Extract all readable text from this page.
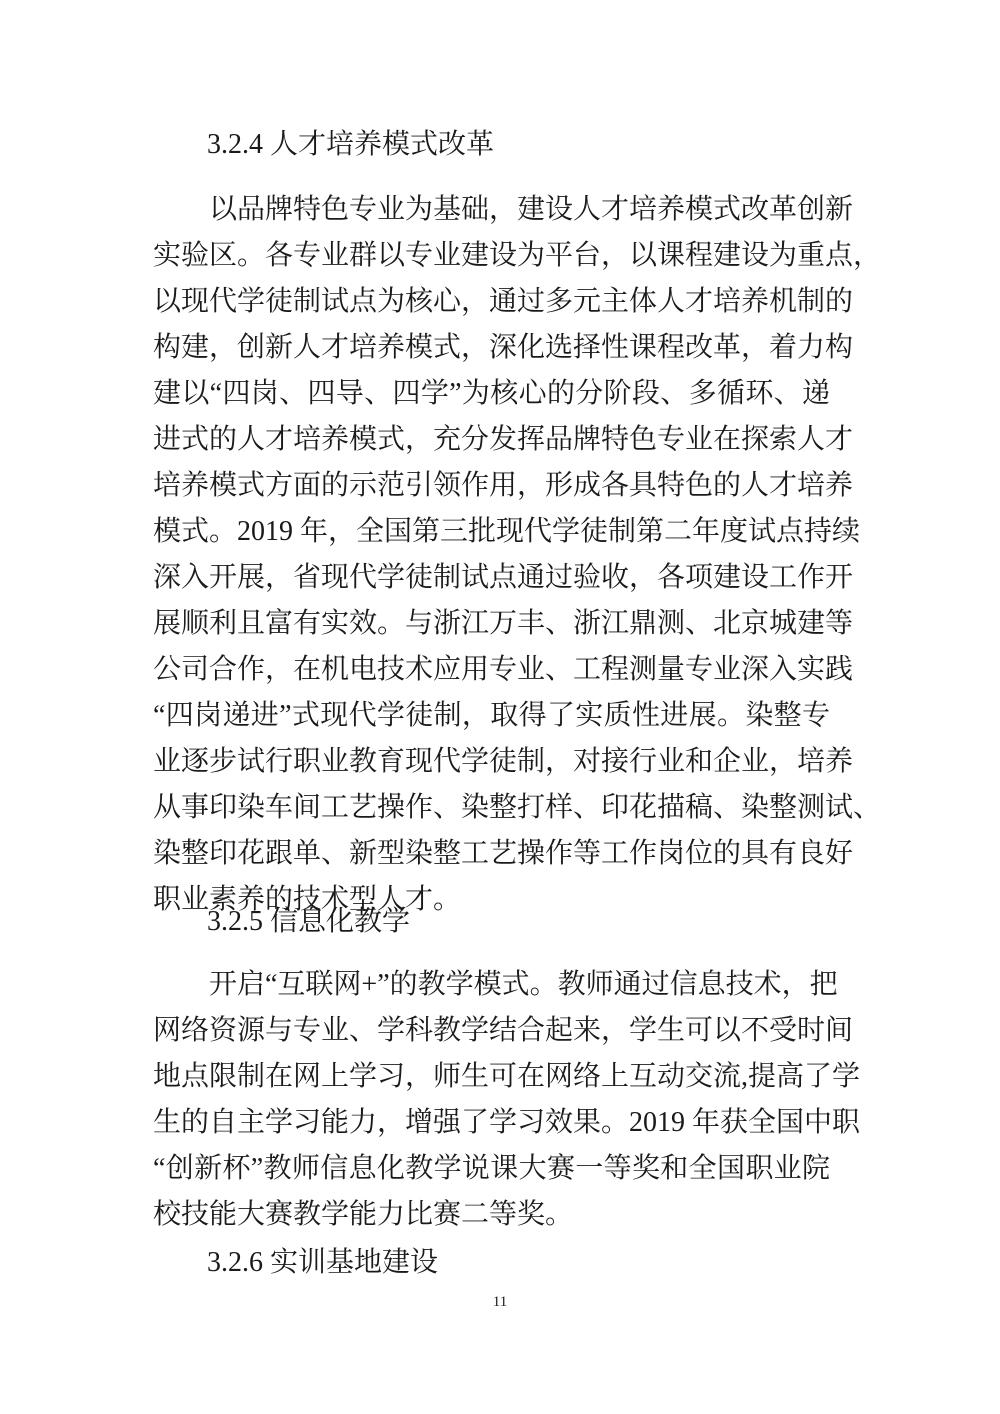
3.2.4 人才培养模式改革
　　以品牌特色专业为基础，建设人才培养模式改革创新
实验区。各专业群以专业建设为平台，以课程建设为重点，
以现代学徒制试点为核心，通过多元主体人才培养机制的
构建，创新人才培养模式，深化选择性课程改革，着力构
建以“四岗、四导、四学”为核心的分阶段、多循环、递
进式的人才培养模式，充分发挥品牌特色专业在探索人才
培养模式方面的示范引领作用，形成各具特色的人才培养
模式。2019 年，全国第三批现代学徒制第二年度试点持续
深入开展，省现代学徒制试点通过验收，各项建设工作开
展顺利且富有实效。与浙江万丰、浙江鼎测、北京城建等
公司合作，在机电技术应用专业、工程测量专业深入实践
“四岗递进”式现代学徒制，取得了实质性进展。染整专
业逐步试行职业教育现代学徒制，对接行业和企业，培养
从事印染车间工艺操作、染整打样、印花描稿、染整测试、
染整印花跟单、新型染整工艺操作等工作岗位的具有良好
职业素养的技术型人才。
3.2.5 信息化教学
　　开启“互联网+”的教学模式。教师通过信息技术，把
网络资源与专业、学科教学结合起来，学生可以不受时间
地点限制在网上学习，师生可在网络上互动交流,提高了学
生的自主学习能力，增强了学习效果。2019 年获全国中职
“创新杯”教师信息化教学说课大赛一等奖和全国职业院
校技能大赛教学能力比赛二等奖。
3.2.6 实训基地建设
11
